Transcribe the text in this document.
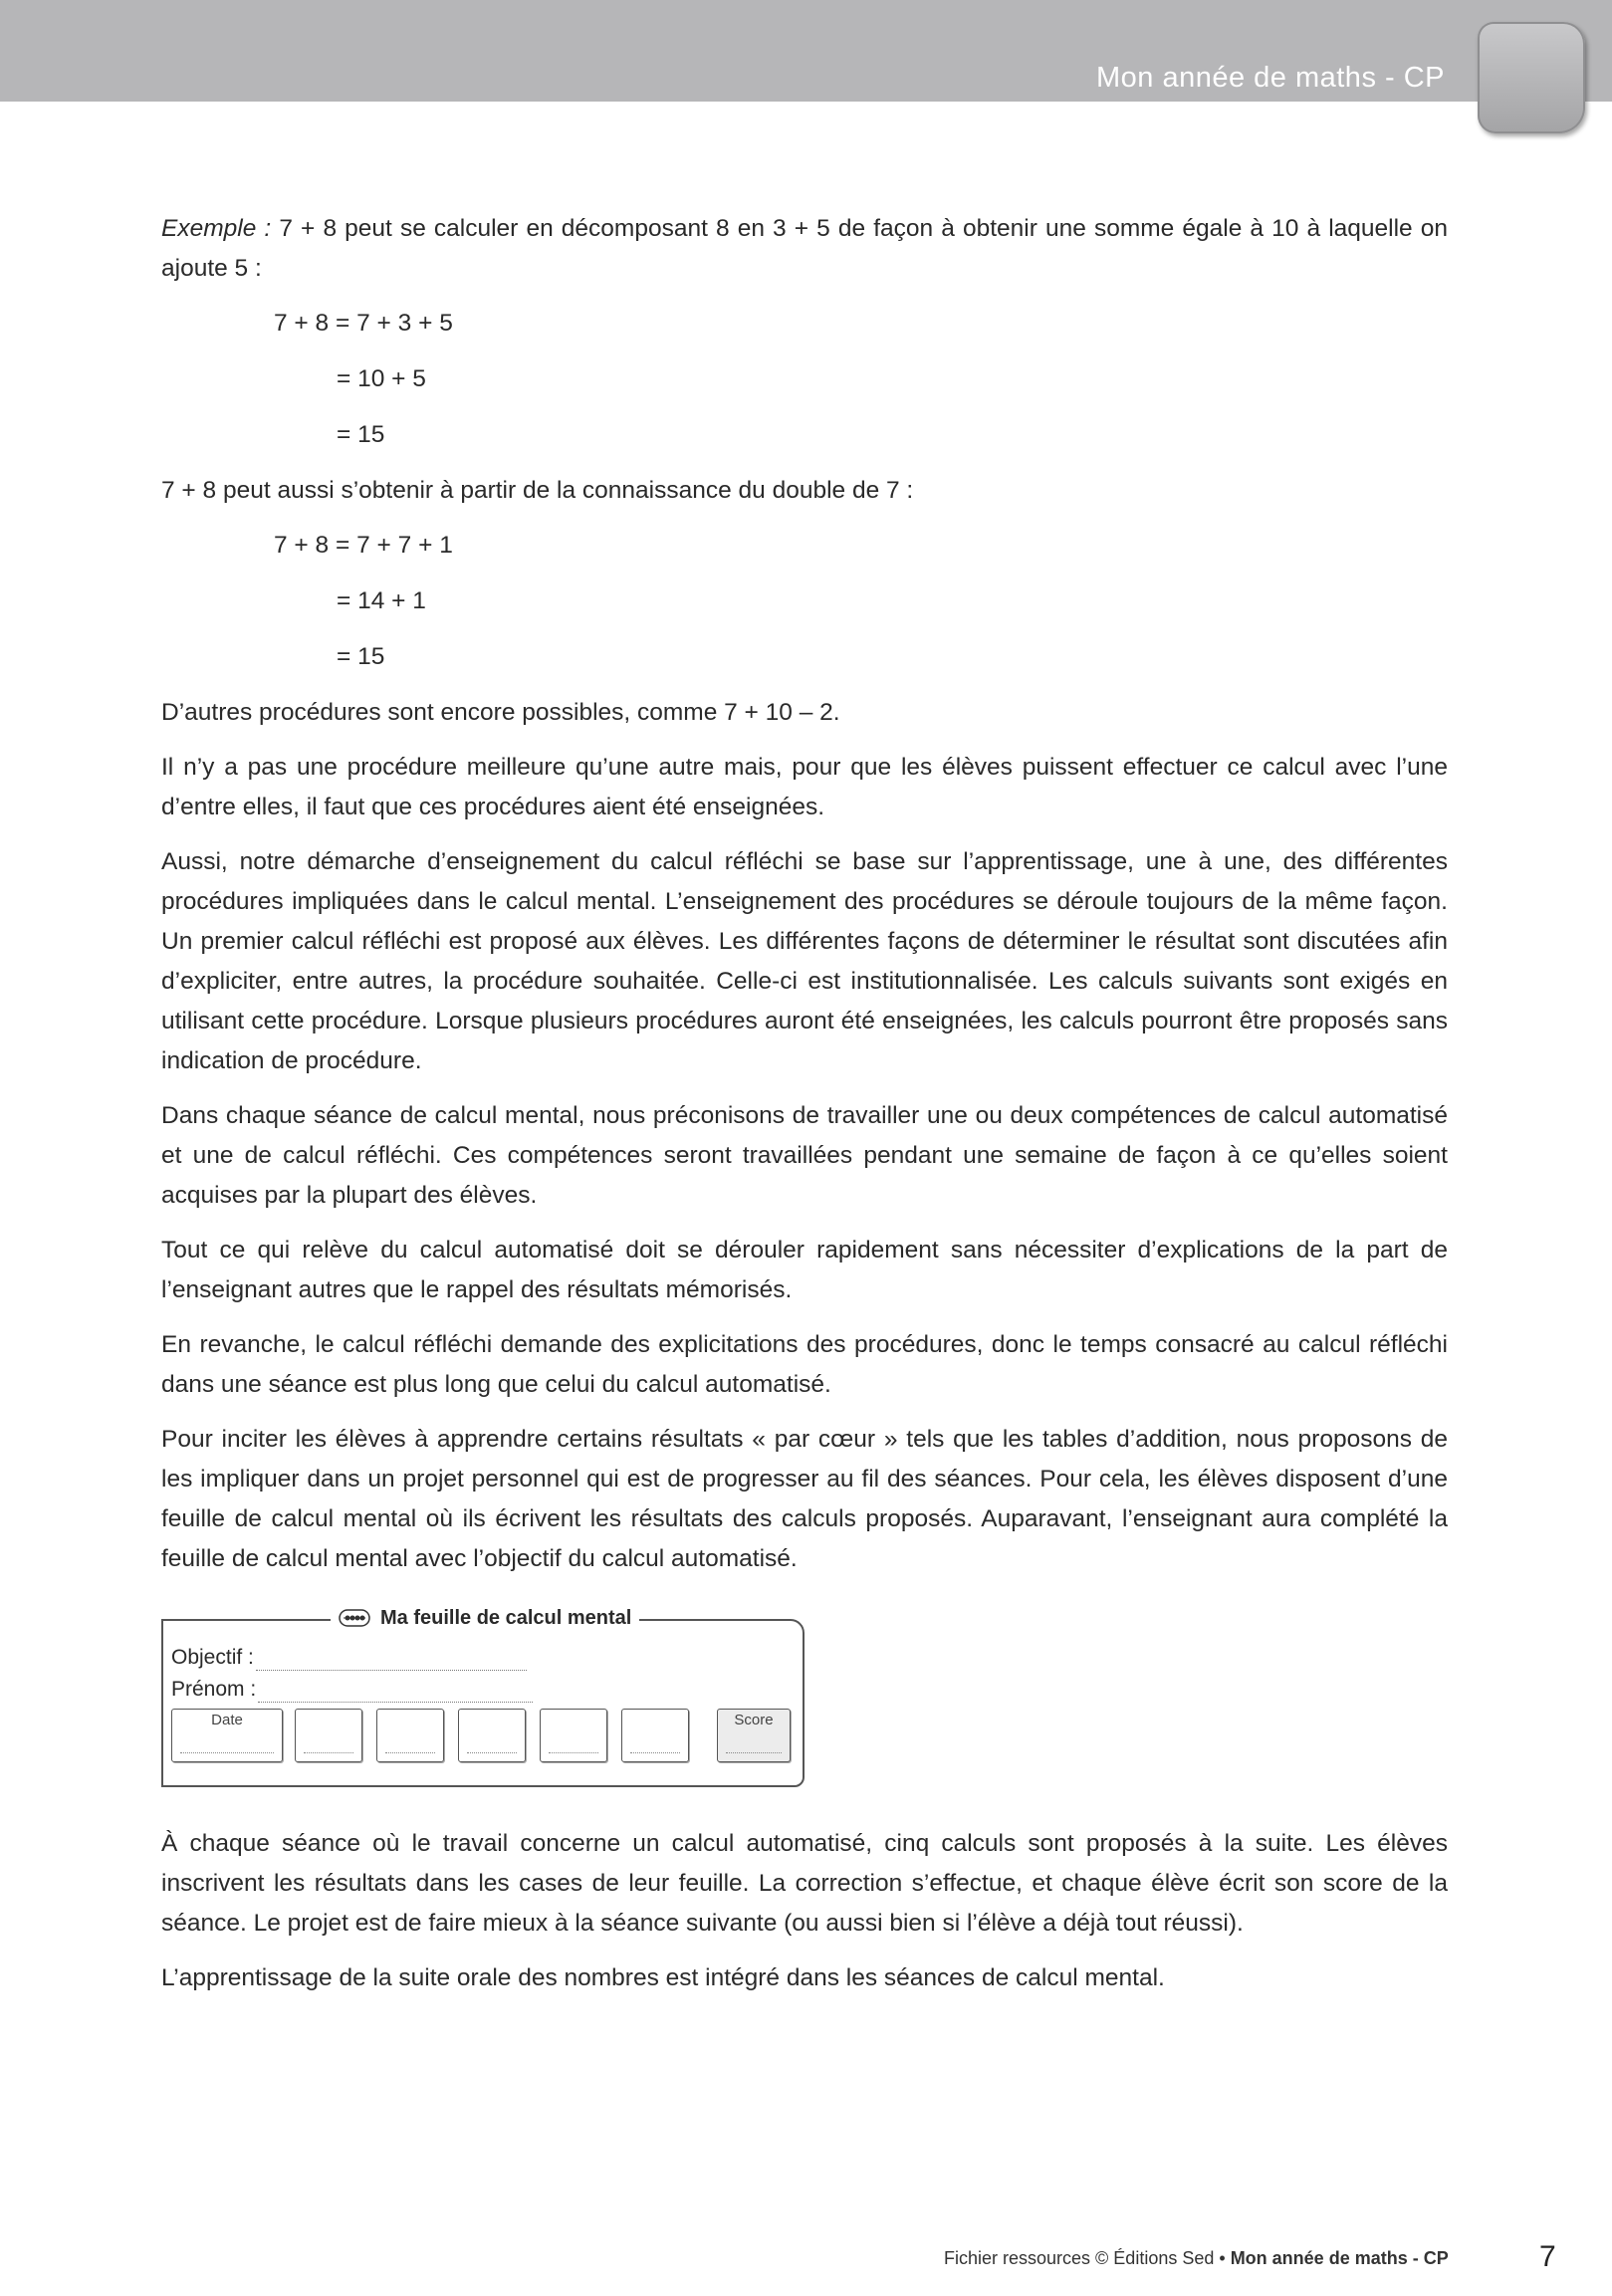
Mon année de maths - CP

Exemple : 7 + 8 peut se calculer en décomposant 8 en 3 + 5 de façon à obtenir une somme égale à 10 à laquelle on ajoute 5 :

7 + 8 = 7 + 3 + 5
= 10 + 5
= 15

7 + 8 peut aussi s’obtenir à partir de la connaissance du double de 7 :

7 + 8 = 7 + 7 + 1
= 14 + 1
= 15

D’autres procédures sont encore possibles, comme 7 + 10 – 2.

Il n’y a pas une procédure meilleure qu’une autre mais, pour que les élèves puissent effectuer ce calcul avec l’une d’entre elles, il faut que ces procédures aient été enseignées.

Aussi, notre démarche d’enseignement du calcul réfléchi se base sur l’apprentissage, une à une, des différentes procédures impliquées dans le calcul mental. L’enseignement des procédures se déroule toujours de la même façon. Un premier calcul réfléchi est proposé aux élèves. Les différentes façons de déterminer le résultat sont discutées afin d’expliciter, entre autres, la procédure souhaitée. Celle-ci est institutionnalisée. Les calculs suivants sont exigés en utilisant cette procédure. Lorsque plusieurs procédures auront été enseignées, les calculs pourront être proposés sans indication de procédure.

Dans chaque séance de calcul mental, nous préconisons de travailler une ou deux compétences de calcul automatisé et une de calcul réfléchi. Ces compétences seront travaillées pendant une semaine de façon à ce qu’elles soient acquises par la plupart des élèves.

Tout ce qui relève du calcul automatisé doit se dérouler rapidement sans nécessiter d’explications de la part de l’enseignant autres que le rappel des résultats mémorisés.

En revanche, le calcul réfléchi demande des explicitations des procédures, donc le temps consacré au calcul réfléchi dans une séance est plus long que celui du calcul automatisé.

Pour inciter les élèves à apprendre certains résultats « par cœur » tels que les tables d’addition, nous proposons de les impliquer dans un projet personnel qui est de progresser au fil des séances. Pour cela, les élèves disposent d’une feuille de calcul mental où ils écrivent les résultats des calculs proposés. Auparavant, l’enseignant aura complété la feuille de calcul mental avec l’objectif du calcul automatisé.

Objectif :
Prénom :
Date	Score
Ma feuille de calcul mental

À chaque séance où le travail concerne un calcul automatisé, cinq calculs sont proposés à la suite. Les élèves inscrivent les résultats dans les cases de leur feuille. La correction s’effectue, et chaque élève écrit son score de la séance. Le projet est de faire mieux à la séance suivante (ou aussi bien si l’élève a déjà tout réussi).

L’apprentissage de la suite orale des nombres est intégré dans les séances de calcul mental.

Fichier ressources © Éditions Sed • Mon année de maths - CP	7
